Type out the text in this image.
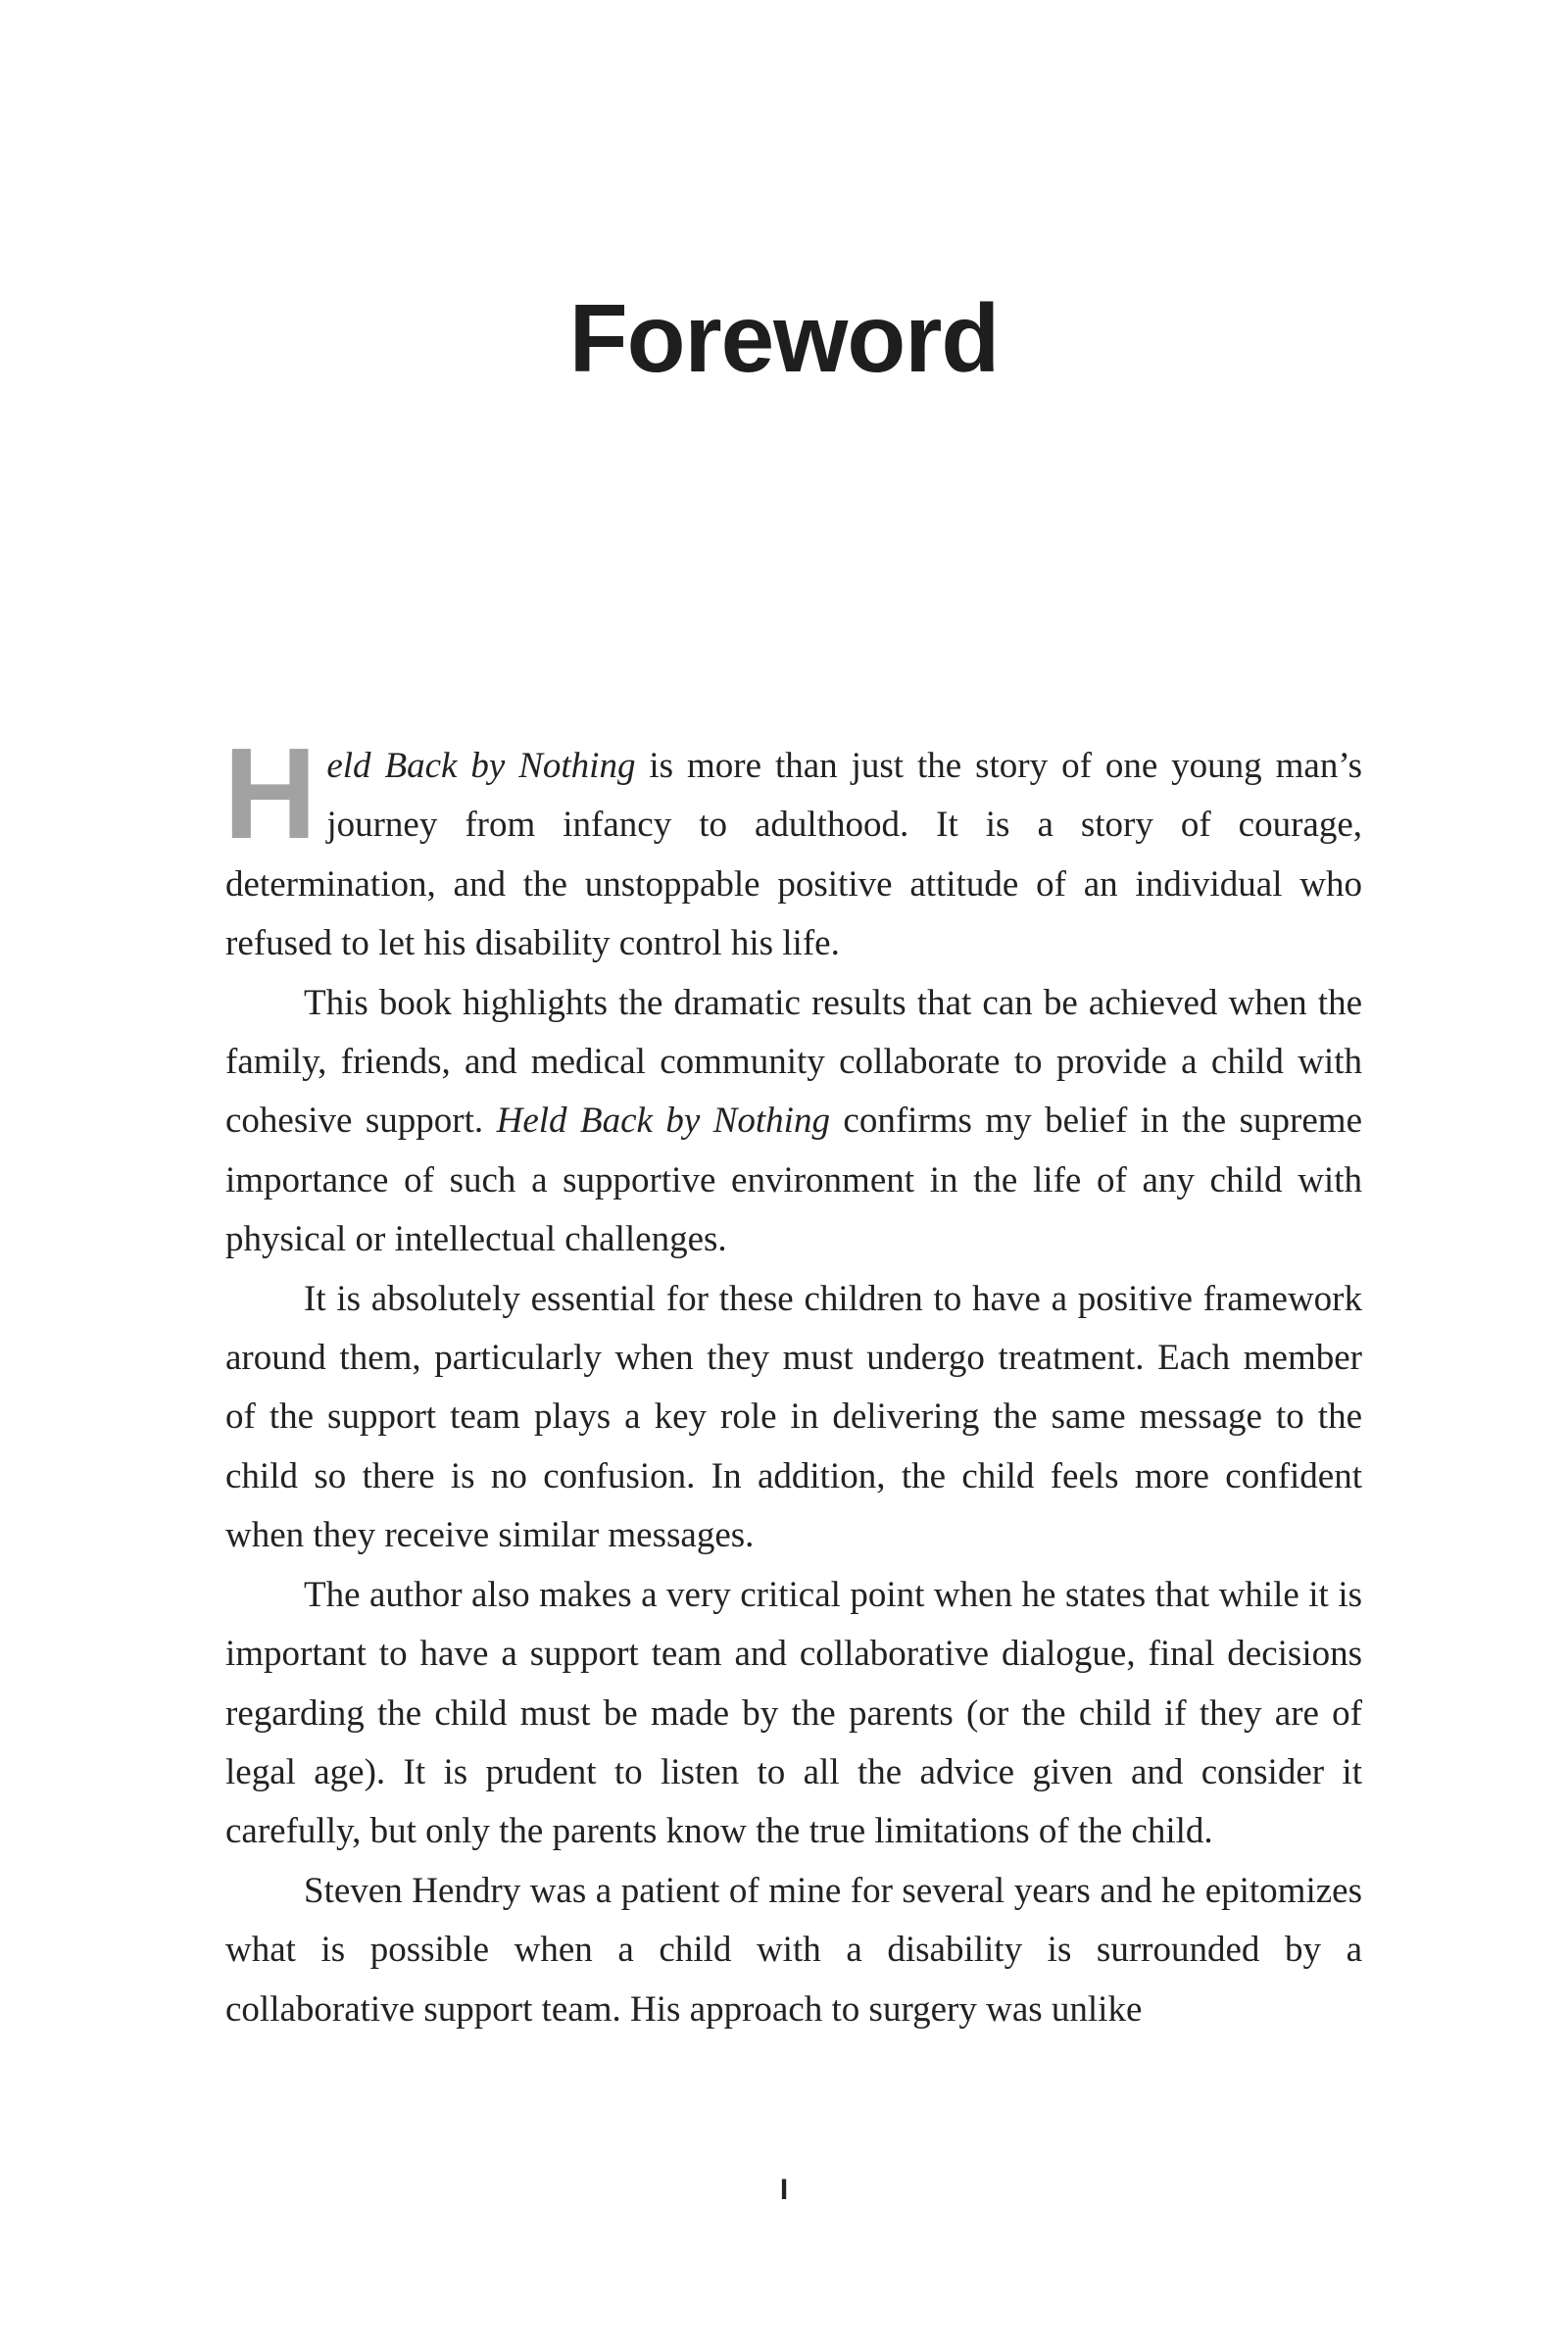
Foreword

Held Back by Nothing is more than just the story of one young man’s journey from infancy to adulthood. It is a story of courage, determination, and the unstoppable positive attitude of an individual who refused to let his disability control his life.

This book highlights the dramatic results that can be achieved when the family, friends, and medical community collaborate to provide a child with cohesive support. Held Back by Nothing confirms my belief in the supreme importance of such a supportive environment in the life of any child with physical or intellectual challenges.

It is absolutely essential for these children to have a positive framework around them, particularly when they must undergo treatment. Each member of the support team plays a key role in delivering the same message to the child so there is no confusion. In addition, the child feels more confident when they receive similar messages.

The author also makes a very critical point when he states that while it is important to have a support team and collaborative dialogue, final decisions regarding the child must be made by the parents (or the child if they are of legal age). It is prudent to listen to all the advice given and consider it carefully, but only the parents know the true limitations of the child.

Steven Hendry was a patient of mine for several years and he epitomizes what is possible when a child with a disability is surrounded by a collaborative support team. His approach to surgery was unlike

I
